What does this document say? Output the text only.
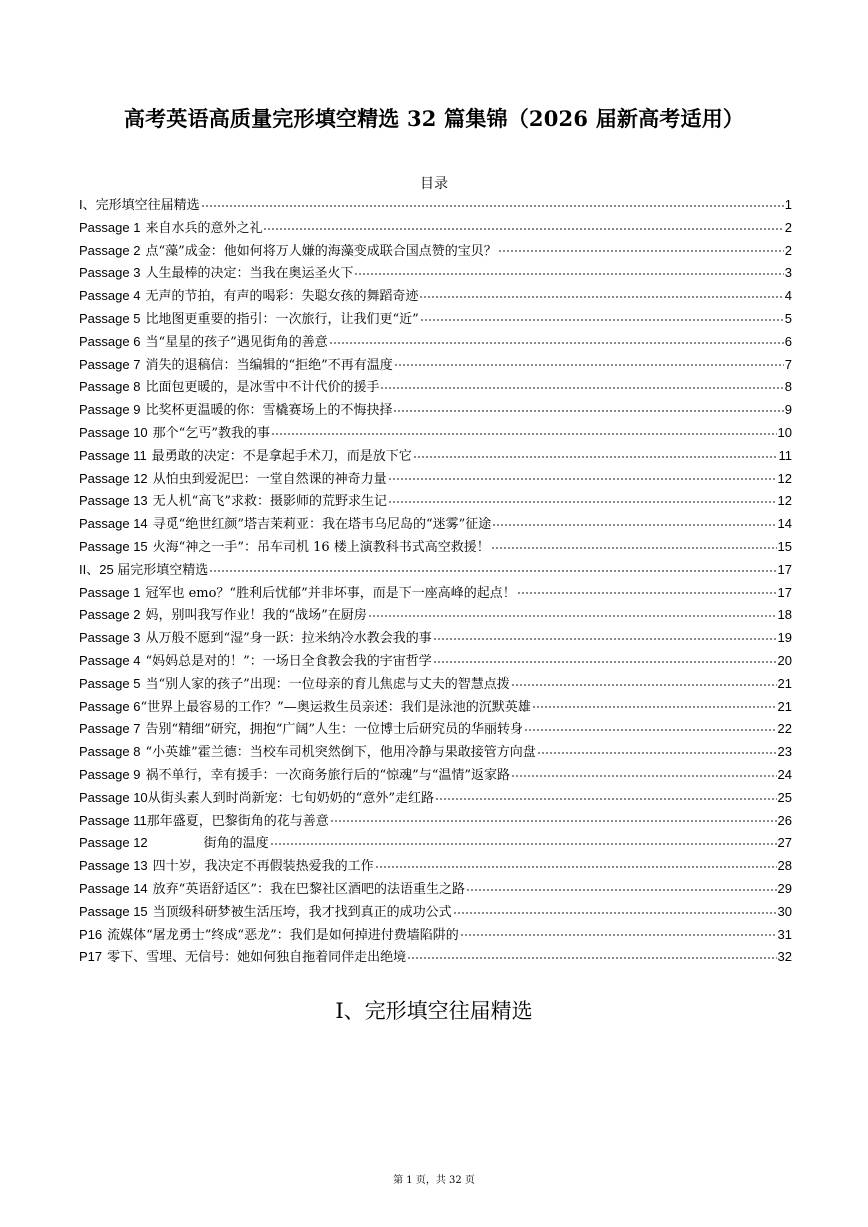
高考英语高质量完形填空精选 32 篇集锦（2026 届新高考适用）
目录
I、完形填空往届精选	1
Passage 1 来自水兵的意外之礼	2
Passage 2 点“藻”成金：他如何将万人嫌的海藻变成联合国点赞的宝贝？	2
Passage 3 人生最棒的决定：当我在奥运圣火下	3
Passage 4 无声的节拍，有声的喝彩：失聪女孩的舞蹈奇迹	4
Passage 5 比地图更重要的指引：一次旅行，让我们更“近”	5
Passage 6 当“星星的孩子”遇见街角的善意	6
Passage 7 消失的退稿信：当编辑的“拒绝”不再有温度	7
Passage 8 比面包更暖的，是冰雪中不计代价的援手	8
Passage 9 比奖杯更温暖的你：雪橇赛场上的不悔抉择	9
Passage 10 那个“乞丐”教我的事	10
Passage 11 最勇敢的决定：不是拿起手术刀，而是放下它	11
Passage 12 从怕虫到爱泥巴：一堂自然课的神奇力量	12
Passage 13 无人机“高飞”求救：摄影师的荒野求生记	12
Passage 14 寻觅“绝世红颜”塔吉茉莉亚：我在塔韦乌尼岛的“迷雾”征途	14
Passage 15 火海“神之一手”：吊车司机 16 楼上演教科书式高空救援！	15
II、25 届完形填空精选	17
Passage 1 冠军也 emo？“胜利后忧郁”并非坏事，而是下一座高峰的起点！	17
Passage 2 妈，别叫我写作业！我的“战场”在厨房	18
Passage 3 从万般不愿到“湿”身一跃：拉米纳冷水教会我的事	19
Passage 4 “妈妈总是对的！”：一场日全食教会我的宇宙哲学	20
Passage 5 当“别人家的孩子”出现：一位母亲的育儿焦虑与丈夫的智慧点拨	21
Passage 6 “世界上最容易的工作？”—奥运救生员亲述：我们是泳池的沉默英雄	21
Passage 7 告别“精细”研究，拥抱“广阔”人生：一位博士后研究员的华丽转身	22
Passage 8 “小英雄”霍兰德：当校车司机突然倒下，他用冷静与果敢接管方向盘	23
Passage 9 祸不单行，幸有援手：一次商务旅行后的“惊魂”与“温情”返家路	24
Passage 10 从街头素人到时尚新宠：七旬奶奶的“意外”走红路	25
Passage 11 那年盛夏，巴黎街角的花与善意	26
Passage 12	街角的温度	27
Passage 13 四十岁，我决定不再假装热爱我的工作	28
Passage 14 放弃“英语舒适区”：我在巴黎社区酒吧的法语重生之路	29
Passage 15 当顶级科研梦被生活压垮，我才找到真正的成功公式	30
P16 流媒体“屠龙勇士”终成“恶龙”：我们是如何掉进付费墙陷阱的	31
P17 零下、雪埋、无信号：她如何独自拖着同伴走出绝境	32
I、完形填空往届精选
第 1 页，共 32 页
